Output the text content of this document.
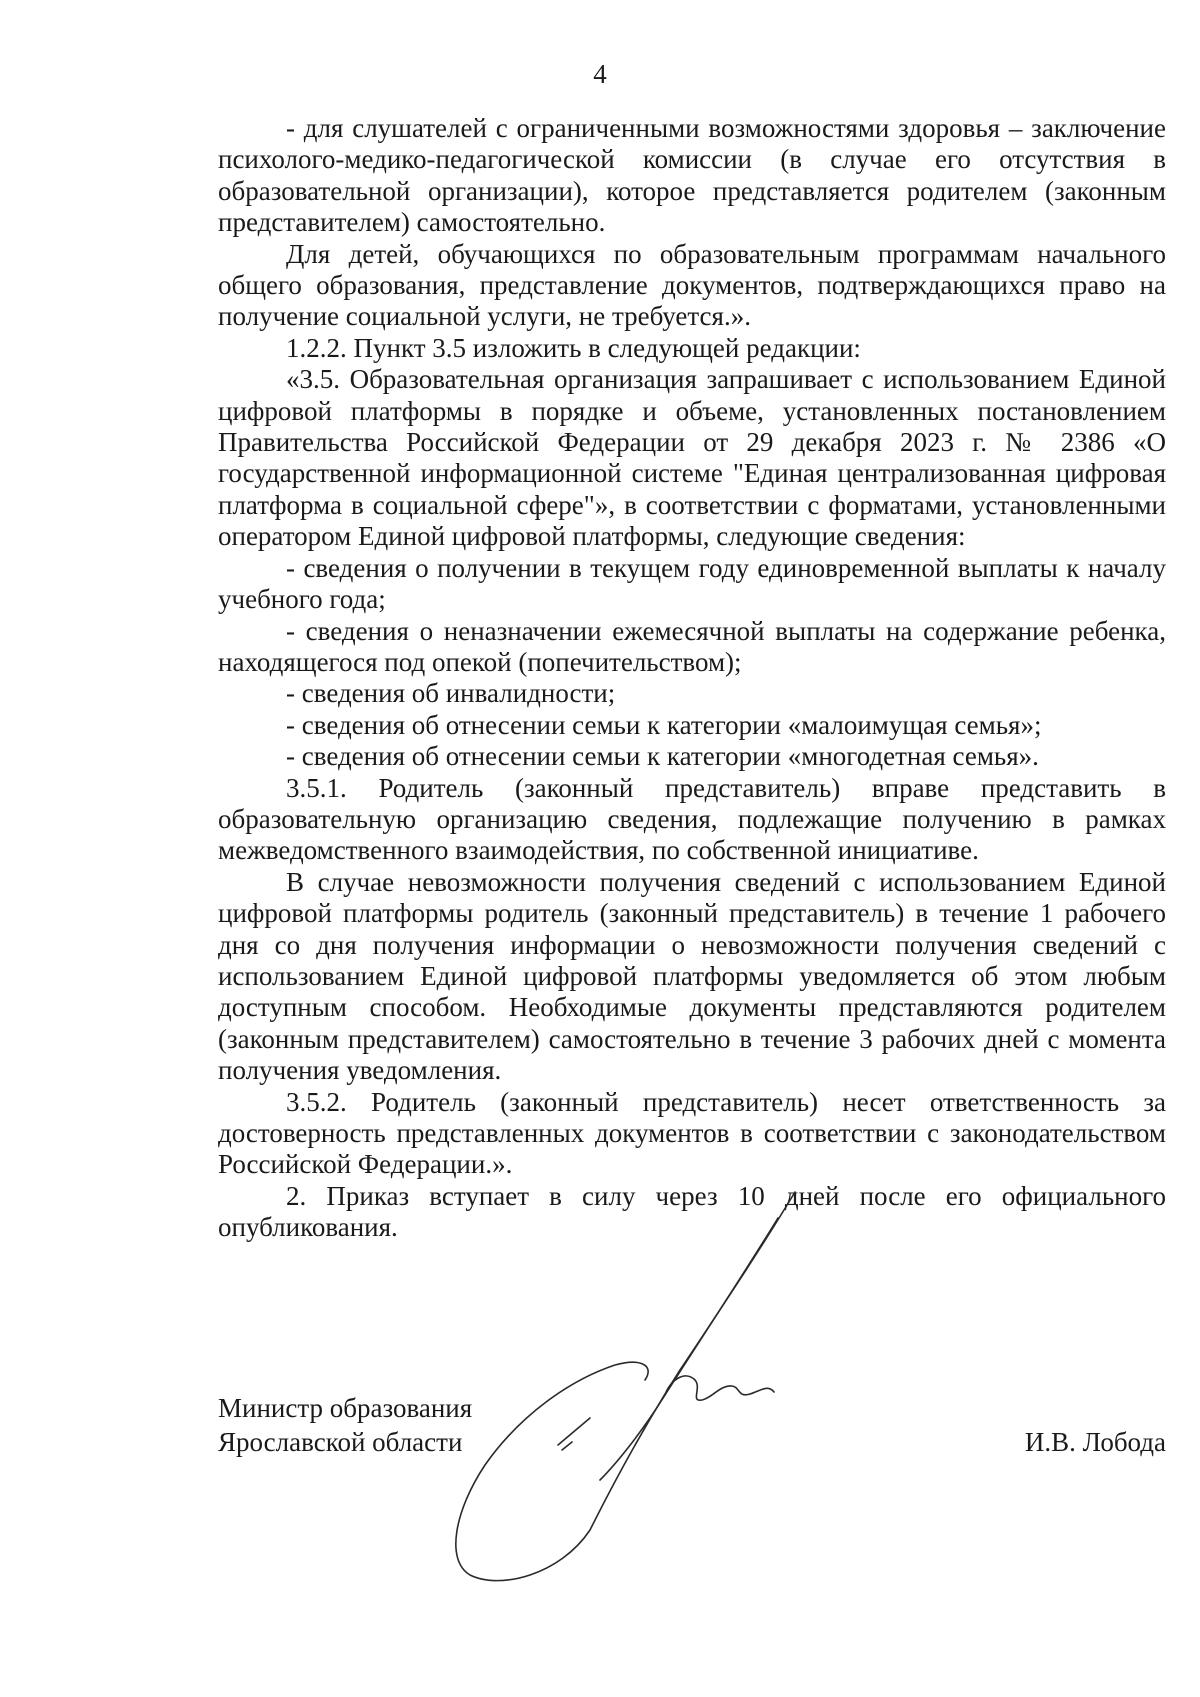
4

- для слушателей с ограниченными возможностями здоровья – заключение психолого-медико-педагогической комиссии (в случае его отсутствия в образовательной организации), которое представляется родителем (законным представителем) самостоятельно.

Для детей, обучающихся по образовательным программам начального общего образования, представление документов, подтверждающихся право на получение социальной услуги, не требуется.».

1.2.2. Пункт 3.5 изложить в следующей редакции:

«3.5. Образовательная организация запрашивает с использованием Единой цифровой платформы в порядке и объеме, установленных постановлением Правительства Российской Федерации от 29 декабря 2023 г. № 2386 «О государственной информационной системе "Единая централизованная цифровая платформа в социальной сфере"», в соответствии с форматами, установленными оператором Единой цифровой платформы, следующие сведения:

- сведения о получении в текущем году единовременной выплаты к началу учебного года;

- сведения о неназначении ежемесячной выплаты на содержание ребенка, находящегося под опекой (попечительством);

- сведения об инвалидности;

- сведения об отнесении семьи к категории «малоимущая семья»;

- сведения об отнесении семьи к категории «многодетная семья».

3.5.1. Родитель (законный представитель) вправе представить в образовательную организацию сведения, подлежащие получению в рамках межведомственного взаимодействия, по собственной инициативе.

В случае невозможности получения сведений с использованием Единой цифровой платформы родитель (законный представитель) в течение 1 рабочего дня со дня получения информации о невозможности получения сведений с использованием Единой цифровой платформы уведомляется об этом любым доступным способом. Необходимые документы представляются родителем (законным представителем) самостоятельно в течение 3 рабочих дней с момента получения уведомления.

3.5.2. Родитель (законный представитель) несет ответственность за достоверность представленных документов в соответствии с законодательством Российской Федерации.».

2. Приказ вступает в силу через 10 дней после его официального опубликования.

Министр образования
Ярославской области	И.В. Лобода
